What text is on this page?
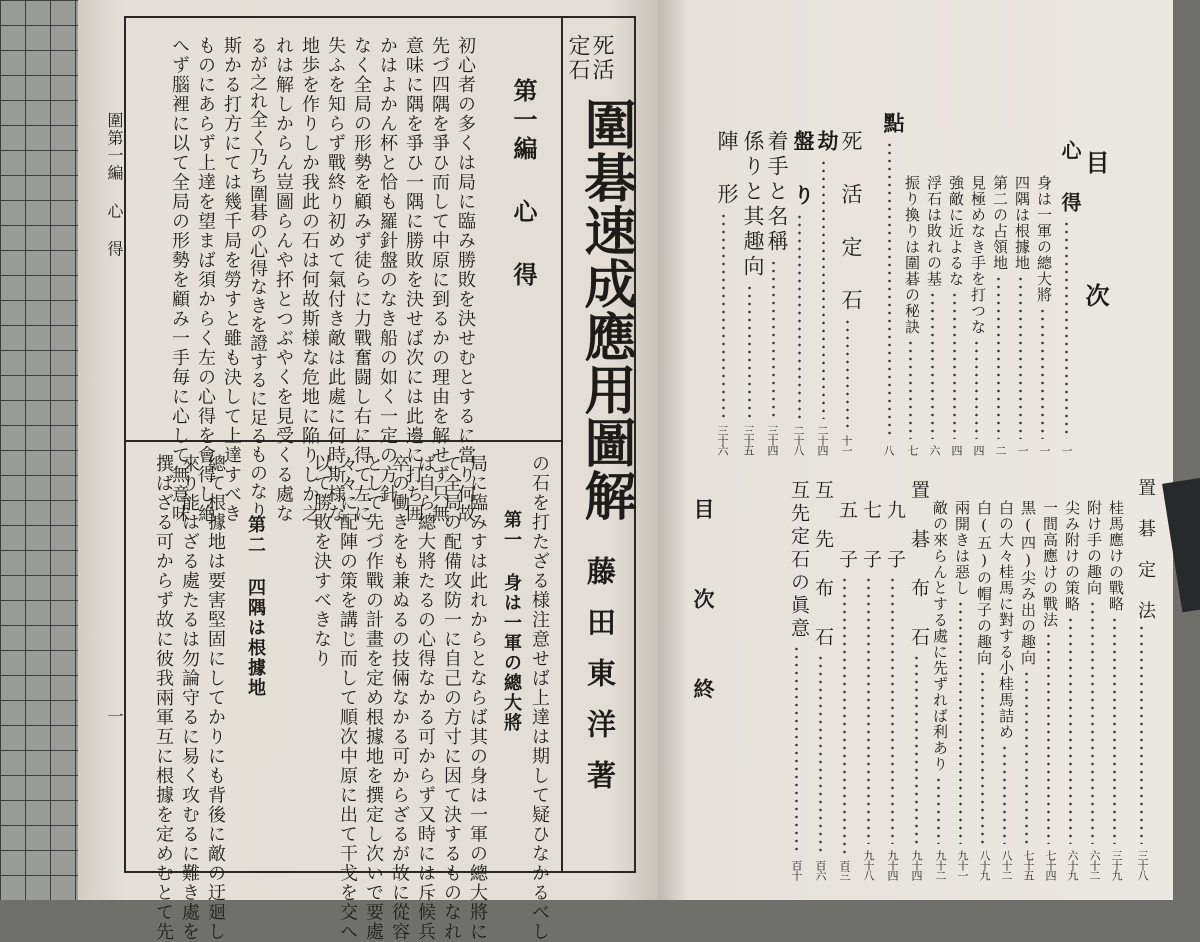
圍第一編 心 得
一
死活
定石
圍碁速成應用圖解
藤田東洋著
第一編 心 得
初心者の多くは局に臨み勝敗を決せむとするに當り何故
先づ四隅を爭ひ而して中原に到るかの理由を解せず只無
意味に隅を爭ひ一隅に勝敗を決せば次には此邊に打ち囲
かはよかん杯と恰も羅針盤のなき船の如く一定の方針
なく全局の形勢を顧みず徒らに力戰奮闘し右に得て左に
失ふを知らず戰終り初めて氣付き敵は此處に何時斯様な
地歩を作りしか我此の石は何故斯様な危地に陥りしか之
れは解しからん豈圖らんや抔とつぶやくを見受くる處な
るが之れ全く乃ち圍碁の心得なきを證するに足るものなり
斯かる打方にては幾千局を勞すと雖も決して上達すべき
ものにあらず上達を望まば須からく左の心得を會得し絶
へず腦裡に以て全局の形勢を顧み一手毎に心して無意味
の石を打たざる様注意せば上達は期して疑ひなかるべし
第一 身は一軍の總大將
局に臨みすは此れからとならば其の身は一軍の總大將に
て全局の配備攻防一に自己の方寸に因て決するものなれ
ば自ら總大將たるの心得なかる可からず又時には斥候兵
卒の働きをも兼ぬるの技倆なかる可からざるが故に從容
として先づ作戰の計畫を定め根據地を撰定し次いで要處
々々に配陣の策を講じ而して順次中原に出て干戈を交へ
以て勝敗を決すべきなり
第二 四隅は根據地
總て根據地は要害堅固にしてかりにも背後に敵の迂廻し
來り能はざる處たるは勿論守るに易く攻むるに難き處を
撰ばざる可からず故に彼我兩軍互に根據を定めむとて先
目 次
目 次 終
心 得
一
身は一軍の總大將
一
四隅は根據地
一
第二の占領地
二
見極めなき手を打つな
四
強敵に近よるな
四
浮石は敗れの基
六
振り換りは圍碁の秘訣
七
點
八
死 活 定 石
十一
劫
二十四
盤 り
二十八
着手と名稱
三十四
係りと其趣向
三十五
陣 形
三十六
置 碁 定 法
三十八
桂馬應けの戰略
三十九
附け手の趣向
六十二
尖み附けの策略
六十九
一間高應けの戰法
七十四
黒(四)尖み出の趣向
七十五
白の大々桂馬に對する小桂馬詰め
八十二
白(五)の帽子の趣向
八十九
兩開きは惡し
九十一
敵の來らんとする處に先ずれば利あり
九十二
置 碁 布 石
九十四
九 子
九十四
七 子
九十八
五 子
百三
互 先 布 石
百六
互先定石の眞意
百十
